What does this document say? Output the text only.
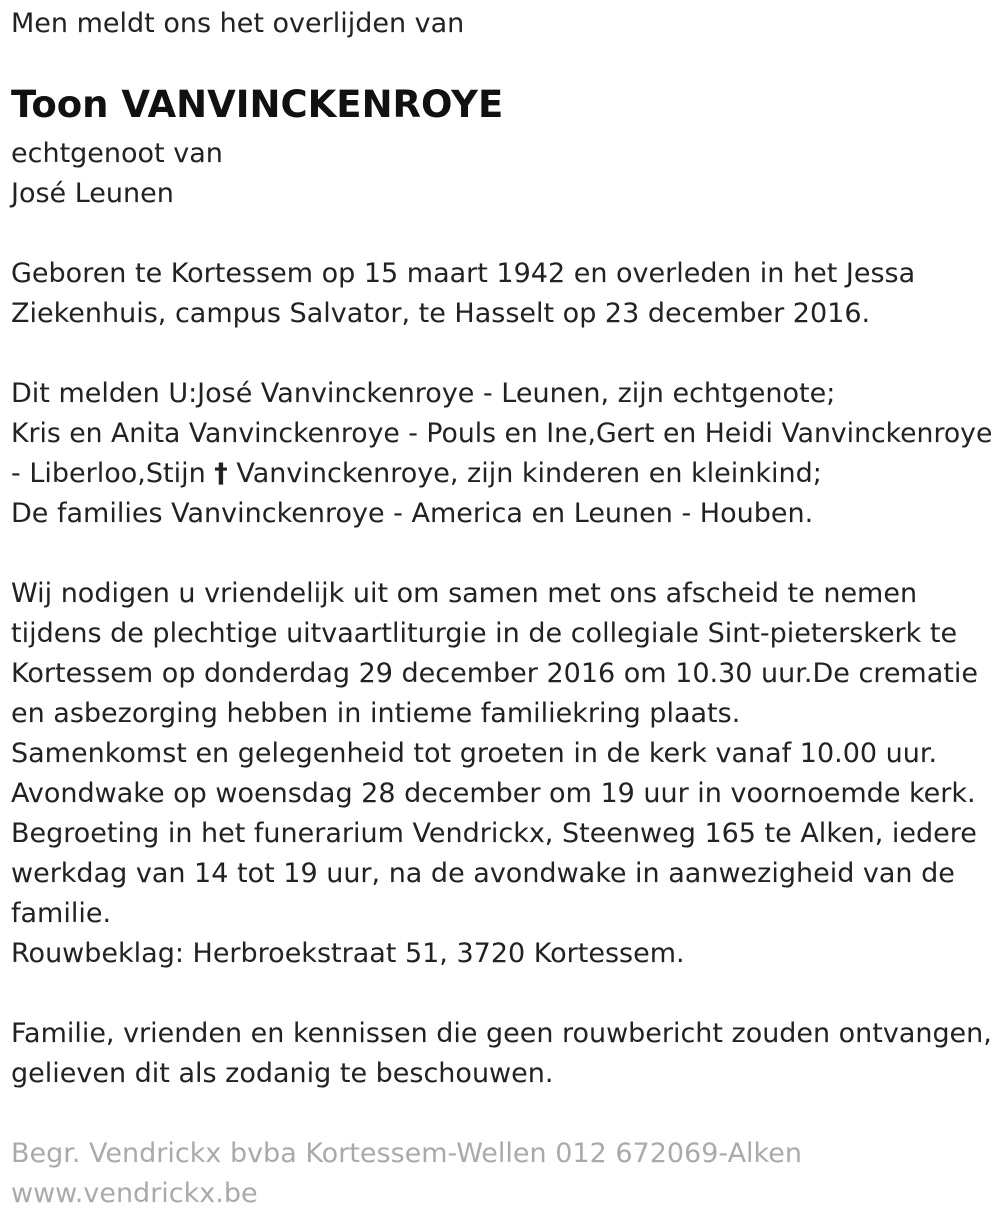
Men meldt ons het overlijden van
Toon VANVINCKENROYE
echtgenoot van
José Leunen
Geboren te Kortessem op 15 maart 1942 en overleden in het Jessa
Ziekenhuis, campus Salvator, te Hasselt op 23 december 2016.
Dit melden U:José Vanvinckenroye - Leunen, zijn echtgenote;
Kris en Anita Vanvinckenroye - Pouls en Ine,Gert en Heidi Vanvinckenroye
- Liberloo,Stijn † Vanvinckenroye, zijn kinderen en kleinkind;
De families Vanvinckenroye - America en Leunen - Houben.
Wij nodigen u vriendelijk uit om samen met ons afscheid te nemen
tijdens de plechtige uitvaartliturgie in de collegiale Sint-pieterskerk te
Kortessem op donderdag 29 december 2016 om 10.30 uur.De crematie
en asbezorging hebben in intieme familiekring plaats.
Samenkomst en gelegenheid tot groeten in de kerk vanaf 10.00 uur.
Avondwake op woensdag 28 december om 19 uur in voornoemde kerk.
Begroeting in het funerarium Vendrickx, Steenweg 165 te Alken, iedere
werkdag van 14 tot 19 uur, na de avondwake in aanwezigheid van de
familie.
Rouwbeklag: Herbroekstraat 51, 3720 Kortessem.
Familie, vrienden en kennissen die geen rouwbericht zouden ontvangen,
gelieven dit als zodanig te beschouwen.
Begr. Vendrickx bvba Kortessem-Wellen 012 672069-Alken
www.vendrickx.be
